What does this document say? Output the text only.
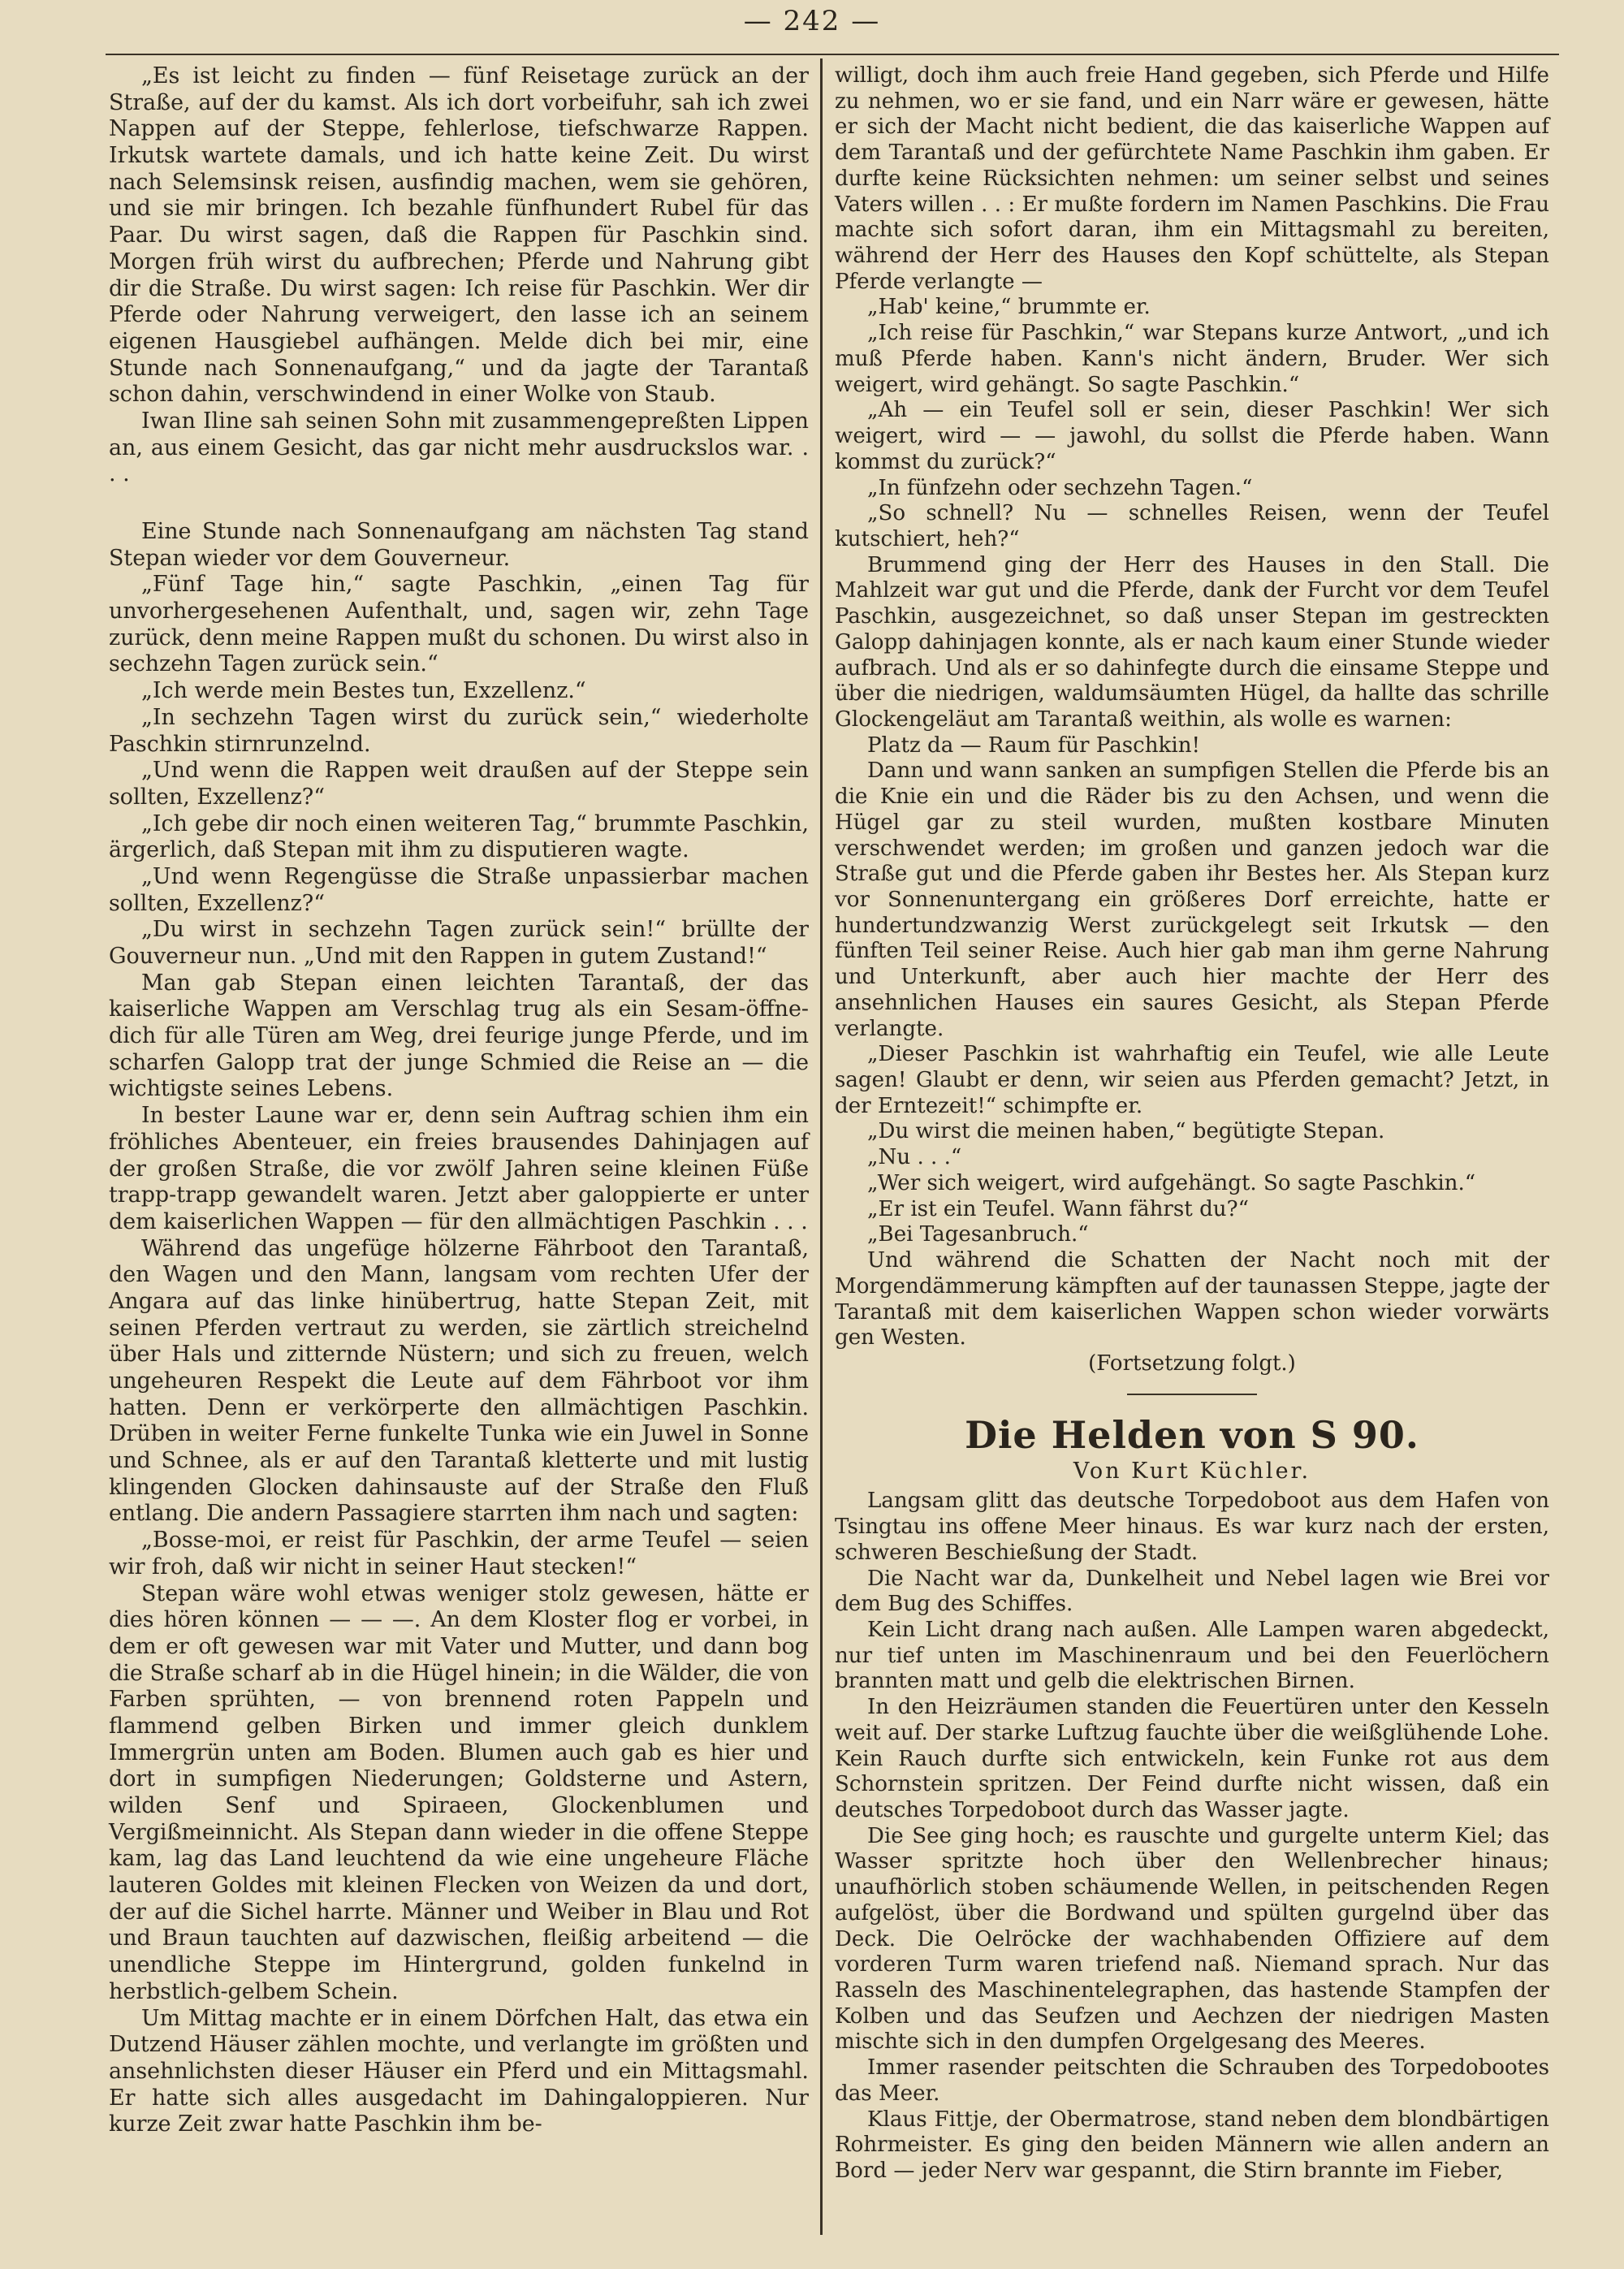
— 242 —

„Es ist leicht zu finden — fünf Reisetage zurück an der Straße, auf der du kamst. Als ich dort vorbeifuhr, sah ich zwei Nappen auf der Steppe, fehlerlose, tiefschwarze Rappen. Irkutsk wartete damals, und ich hatte keine Zeit. Du wirst nach Selemsinsk reisen, ausfindig machen, wem sie gehören, und sie mir bringen. Ich bezahle fünfhundert Rubel für das Paar. Du wirst sagen, daß die Rappen für Paschkin sind. Morgen früh wirst du aufbrechen; Pferde und Nahrung gibt dir die Straße. Du wirst sagen: Ich reise für Paschkin. Wer dir Pferde oder Nahrung verweigert, den lasse ich an seinem eigenen Hausgiebel aufhängen. Melde dich bei mir, eine Stunde nach Sonnenaufgang,“ und da jagte der Tarantaß schon dahin, verschwindend in einer Wolke von Staub.

Iwan Iline sah seinen Sohn mit zusammengepreßten Lippen an, aus einem Gesicht, das gar nicht mehr ausdruckslos war. . . .

Eine Stunde nach Sonnenaufgang am nächsten Tag stand Stepan wieder vor dem Gouverneur.

„Fünf Tage hin,“ sagte Paschkin, „einen Tag für unvorhergesehenen Aufenthalt, und, sagen wir, zehn Tage zurück, denn meine Rappen mußt du schonen. Du wirst also in sechzehn Tagen zurück sein.“

„Ich werde mein Bestes tun, Exzellenz.“

„In sechzehn Tagen wirst du zurück sein,“ wiederholte Paschkin stirnrunzelnd.

„Und wenn die Rappen weit draußen auf der Steppe sein sollten, Exzellenz?“

„Ich gebe dir noch einen weiteren Tag,“ brummte Paschkin, ärgerlich, daß Stepan mit ihm zu disputieren wagte.

„Und wenn Regengüsse die Straße unpassierbar machen sollten, Exzellenz?“

„Du wirst in sechzehn Tagen zurück sein!“ brüllte der Gouverneur nun. „Und mit den Rappen in gutem Zustand!“

Man gab Stepan einen leichten Tarantaß, der das kaiserliche Wappen am Verschlag trug als ein Sesam-öffne-dich für alle Türen am Weg, drei feurige junge Pferde, und im scharfen Galopp trat der junge Schmied die Reise an — die wichtigste seines Lebens.

In bester Laune war er, denn sein Auftrag schien ihm ein fröhliches Abenteuer, ein freies brausendes Dahinjagen auf der großen Straße, die vor zwölf Jahren seine kleinen Füße trapp-trapp gewandelt waren. Jetzt aber galoppierte er unter dem kaiserlichen Wappen — für den allmächtigen Paschkin . . .

Während das ungefüge hölzerne Fährboot den Tarantaß, den Wagen und den Mann, langsam vom rechten Ufer der Angara auf das linke hinübertrug, hatte Stepan Zeit, mit seinen Pferden vertraut zu werden, sie zärtlich streichelnd über Hals und zitternde Nüstern; und sich zu freuen, welch ungeheuren Respekt die Leute auf dem Fährboot vor ihm hatten. Denn er verkörperte den allmächtigen Paschkin. Drüben in weiter Ferne funkelte Tunka wie ein Juwel in Sonne und Schnee, als er auf den Tarantaß kletterte und mit lustig klingenden Glocken dahinsauste auf der Straße den Fluß entlang. Die andern Passagiere starrten ihm nach und sagten:

„Bosse-moi, er reist für Paschkin, der arme Teufel — seien wir froh, daß wir nicht in seiner Haut stecken!“

Stepan wäre wohl etwas weniger stolz gewesen, hätte er dies hören können — — —. An dem Kloster flog er vorbei, in dem er oft gewesen war mit Vater und Mutter, und dann bog die Straße scharf ab in die Hügel hinein; in die Wälder, die von Farben sprühten, — von brennend roten Pappeln und flammend gelben Birken und immer gleich dunklem Immergrün unten am Boden. Blumen auch gab es hier und dort in sumpfigen Niederungen; Goldsterne und Astern, wilden Senf und Spiraeen, Glockenblumen und Vergißmeinnicht. Als Stepan dann wieder in die offene Steppe kam, lag das Land leuchtend da wie eine ungeheure Fläche lauteren Goldes mit kleinen Flecken von Weizen da und dort, der auf die Sichel harrte. Männer und Weiber in Blau und Rot und Braun tauchten auf dazwischen, fleißig arbeitend — die unendliche Steppe im Hintergrund, golden funkelnd in herbstlich-gelbem Schein.

Um Mittag machte er in einem Dörfchen Halt, das etwa ein Dutzend Häuser zählen mochte, und verlangte im größten und ansehnlichsten dieser Häuser ein Pferd und ein Mittagsmahl. Er hatte sich alles ausgedacht im Dahingaloppieren. Nur kurze Zeit zwar hatte Paschkin ihm be-

willigt, doch ihm auch freie Hand gegeben, sich Pferde und Hilfe zu nehmen, wo er sie fand, und ein Narr wäre er gewesen, hätte er sich der Macht nicht bedient, die das kaiserliche Wappen auf dem Tarantaß und der gefürchtete Name Paschkin ihm gaben. Er durfte keine Rücksichten nehmen: um seiner selbst und seines Vaters willen . . : Er mußte fordern im Namen Paschkins. Die Frau machte sich sofort daran, ihm ein Mittagsmahl zu bereiten, während der Herr des Hauses den Kopf schüttelte, als Stepan Pferde verlangte —

„Hab' keine,“ brummte er.

„Ich reise für Paschkin,“ war Stepans kurze Antwort, „und ich muß Pferde haben. Kann's nicht ändern, Bruder. Wer sich weigert, wird gehängt. So sagte Paschkin.“

„Ah — ein Teufel soll er sein, dieser Paschkin! Wer sich weigert, wird — — jawohl, du sollst die Pferde haben. Wann kommst du zurück?“

„In fünfzehn oder sechzehn Tagen.“

„So schnell? Nu — schnelles Reisen, wenn der Teufel kutschiert, heh?“

Brummend ging der Herr des Hauses in den Stall. Die Mahlzeit war gut und die Pferde, dank der Furcht vor dem Teufel Paschkin, ausgezeichnet, so daß unser Stepan im gestreckten Galopp dahinjagen konnte, als er nach kaum einer Stunde wieder aufbrach. Und als er so dahinfegte durch die einsame Steppe und über die niedrigen, waldumsäumten Hügel, da hallte das schrille Glockengeläut am Tarantaß weithin, als wolle es warnen:

Platz da — Raum für Paschkin!

Dann und wann sanken an sumpfigen Stellen die Pferde bis an die Knie ein und die Räder bis zu den Achsen, und wenn die Hügel gar zu steil wurden, mußten kostbare Minuten verschwendet werden; im großen und ganzen jedoch war die Straße gut und die Pferde gaben ihr Bestes her. Als Stepan kurz vor Sonnenuntergang ein größeres Dorf erreichte, hatte er hundertundzwanzig Werst zurückgelegt seit Irkutsk — den fünften Teil seiner Reise. Auch hier gab man ihm gerne Nahrung und Unterkunft, aber auch hier machte der Herr des ansehnlichen Hauses ein saures Gesicht, als Stepan Pferde verlangte.

„Dieser Paschkin ist wahrhaftig ein Teufel, wie alle Leute sagen! Glaubt er denn, wir seien aus Pferden gemacht? Jetzt, in der Erntezeit!“ schimpfte er.

„Du wirst die meinen haben,“ begütigte Stepan.

„Nu . . .“

„Wer sich weigert, wird aufgehängt. So sagte Paschkin.“

„Er ist ein Teufel. Wann fährst du?“

„Bei Tagesanbruch.“

Und während die Schatten der Nacht noch mit der Morgendämmerung kämpften auf der taunassen Steppe, jagte der Tarantaß mit dem kaiserlichen Wappen schon wieder vorwärts gen Westen.

(Fortsetzung folgt.)

Die Helden von S 90.

Von Kurt Küchler.

Langsam glitt das deutsche Torpedoboot aus dem Hafen von Tsingtau ins offene Meer hinaus. Es war kurz nach der ersten, schweren Beschießung der Stadt.

Die Nacht war da, Dunkelheit und Nebel lagen wie Brei vor dem Bug des Schiffes.

Kein Licht drang nach außen. Alle Lampen waren abgedeckt, nur tief unten im Maschinenraum und bei den Feuerlöchern brannten matt und gelb die elektrischen Birnen.

In den Heizräumen standen die Feuertüren unter den Kesseln weit auf. Der starke Luftzug fauchte über die weißglühende Lohe. Kein Rauch durfte sich entwickeln, kein Funke rot aus dem Schornstein spritzen. Der Feind durfte nicht wissen, daß ein deutsches Torpedoboot durch das Wasser jagte.

Die See ging hoch; es rauschte und gurgelte unterm Kiel; das Wasser spritzte hoch über den Wellenbrecher hinaus; unaufhörlich stoben schäumende Wellen, in peitschenden Regen aufgelöst, über die Bordwand und spülten gurgelnd über das Deck. Die Oelröcke der wachhabenden Offiziere auf dem vorderen Turm waren triefend naß. Niemand sprach. Nur das Rasseln des Maschinentelegraphen, das hastende Stampfen der Kolben und das Seufzen und Aechzen der niedrigen Masten mischte sich in den dumpfen Orgelgesang des Meeres.

Immer rasender peitschten die Schrauben des Torpedobootes das Meer.

Klaus Fittje, der Obermatrose, stand neben dem blondbärtigen Rohrmeister. Es ging den beiden Männern wie allen andern an Bord — jeder Nerv war gespannt, die Stirn brannte im Fieber,
